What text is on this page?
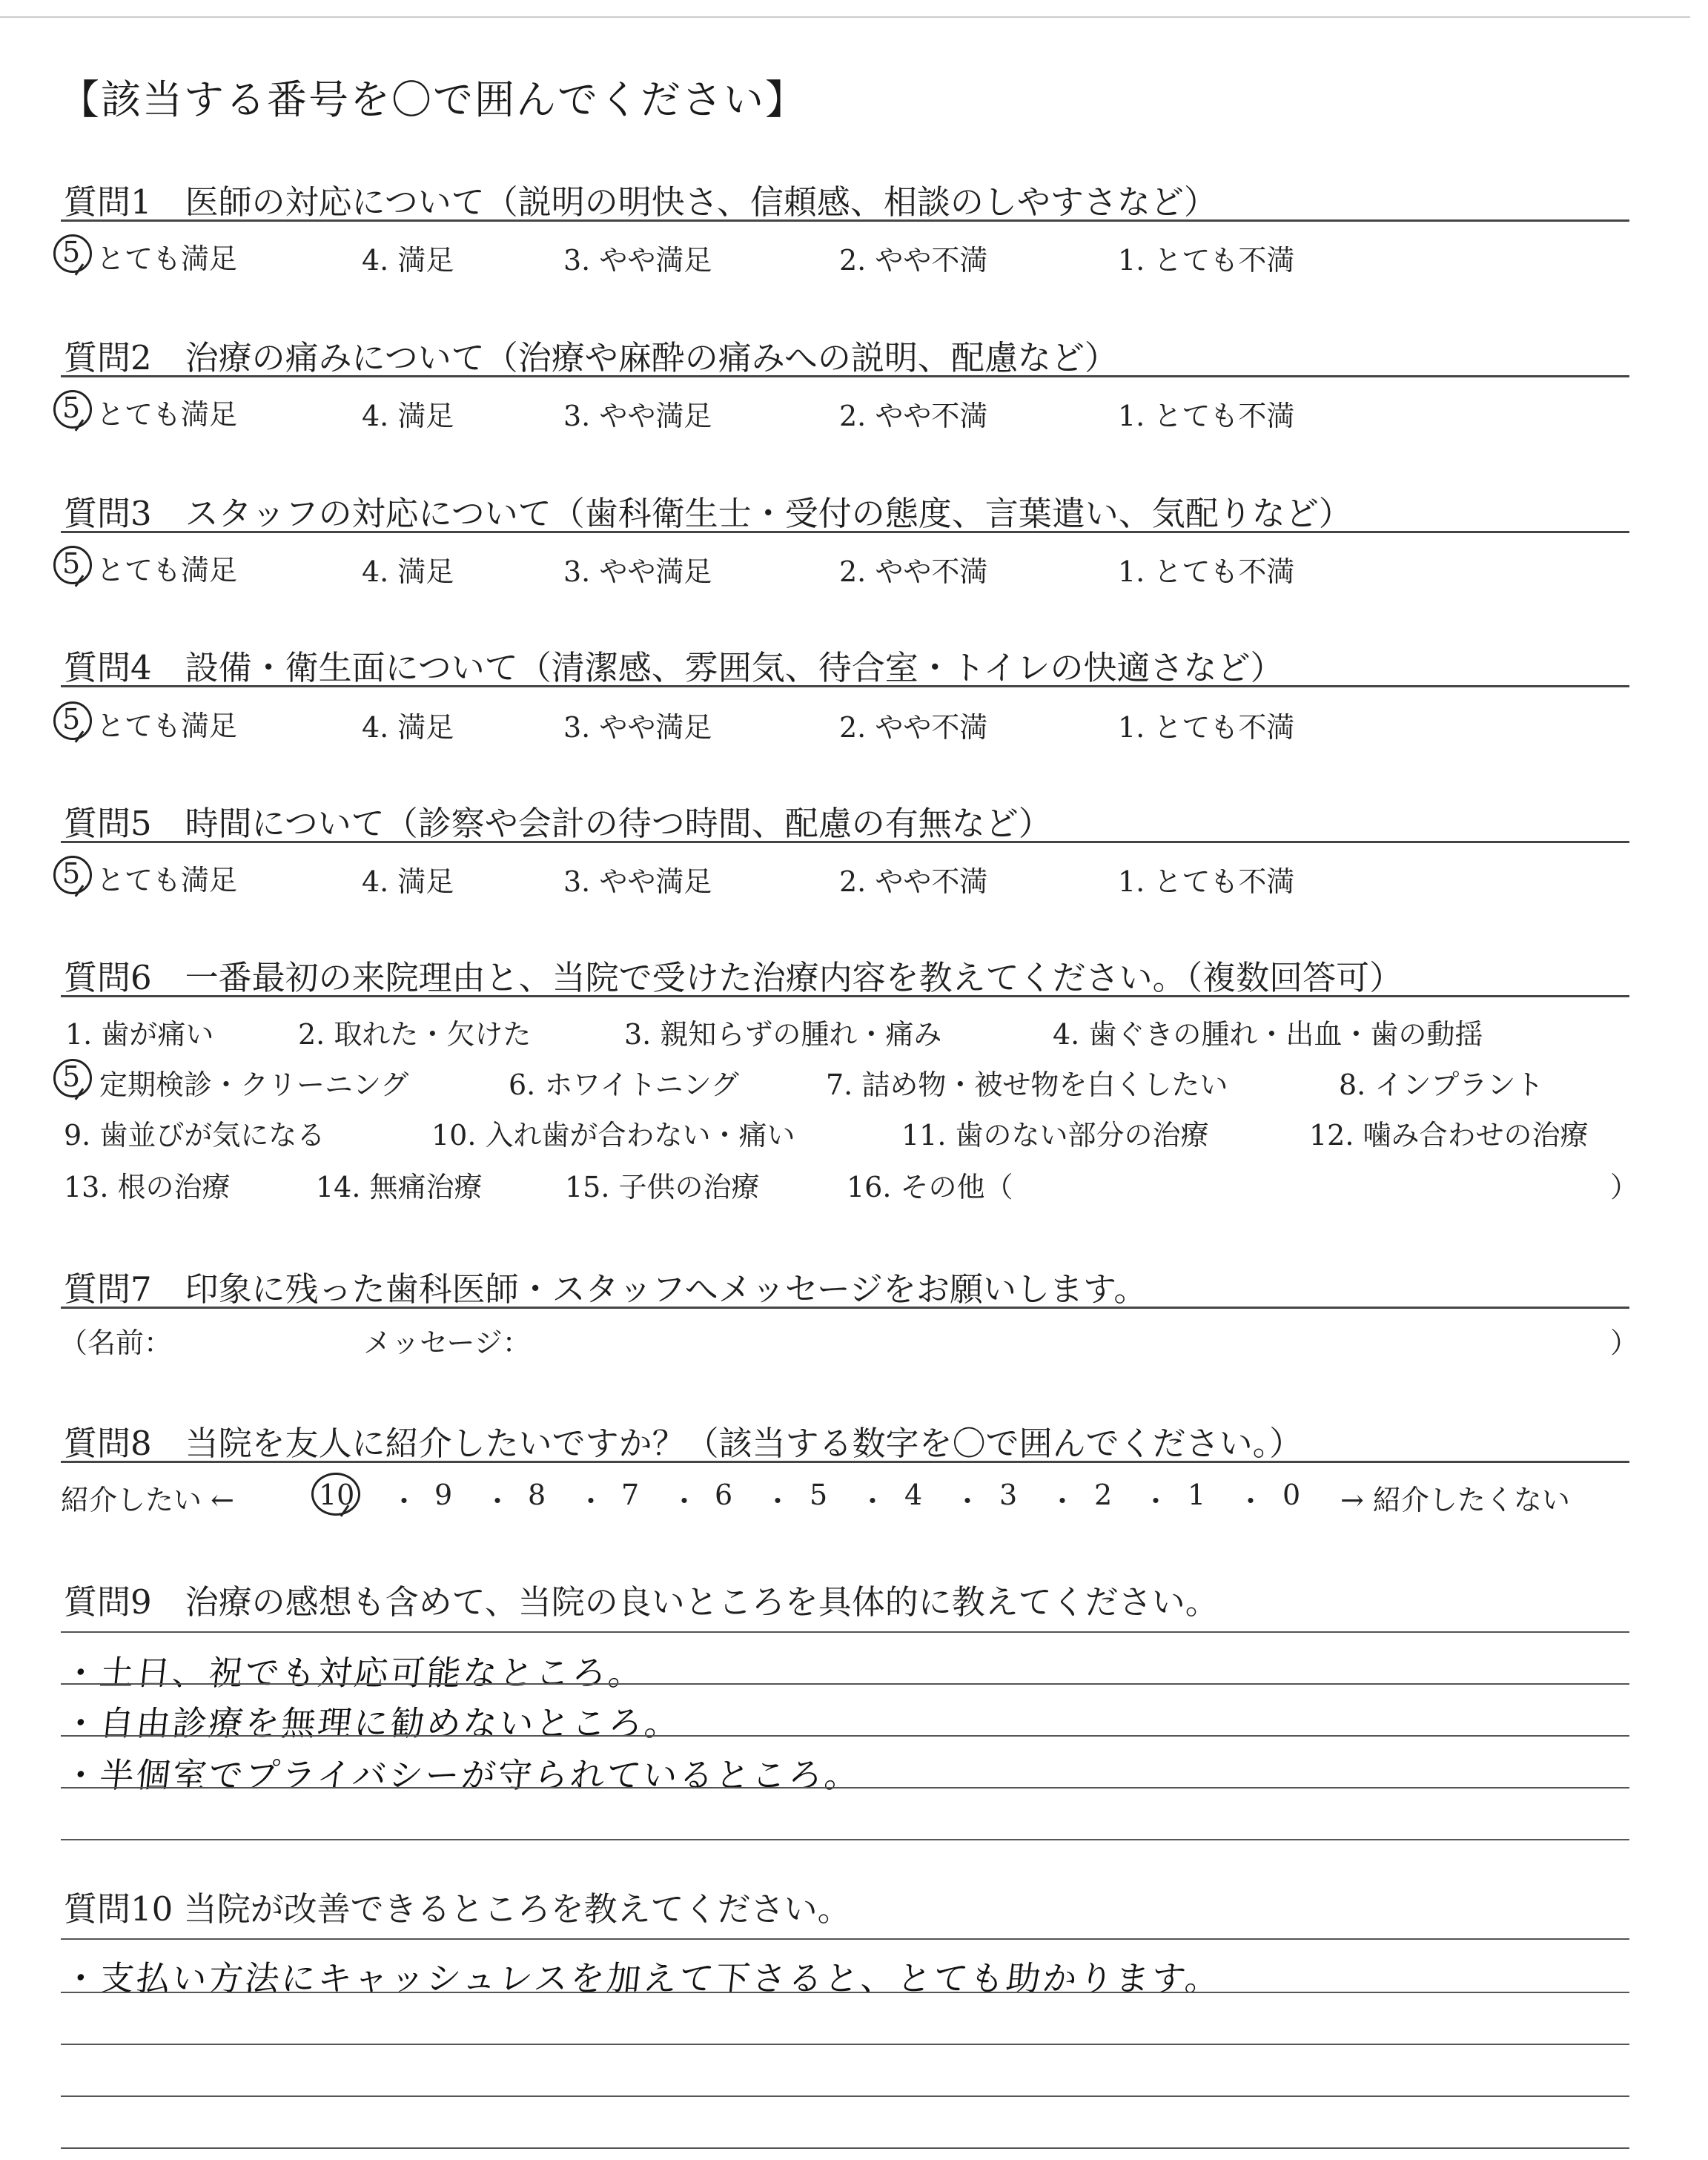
【該当する番号を〇で囲んでください】
質問1　医師の対応について（説明の明快さ、信頼感、相談のしやすさなど）
5 とても満足	4. 満足	3. やや満足	2. やや不満	1. とても不満
質問2　治療の痛みについて（治療や麻酔の痛みへの説明、配慮など）
5 とても満足	4. 満足	3. やや満足	2. やや不満	1. とても不満
質問3　スタッフの対応について（歯科衛生士・受付の態度、言葉遣い、気配りなど）
5 とても満足	4. 満足	3. やや満足	2. やや不満	1. とても不満
質問4　設備・衛生面について（清潔感、雰囲気、待合室・トイレの快適さなど）
5 とても満足	4. 満足	3. やや満足	2. やや不満	1. とても不満
質問5　時間について（診察や会計の待つ時間、配慮の有無など）
5 とても満足	4. 満足	3. やや満足	2. やや不満	1. とても不満
質問6　一番最初の来院理由と、当院で受けた治療内容を教えてください。（複数回答可）
1. 歯が痛い	2. 取れた・欠けた	3. 親知らずの腫れ・痛み	4. 歯ぐきの腫れ・出血・歯の動揺
5 定期検診・クリーニング	6. ホワイトニング	7. 詰め物・被せ物を白くしたい	8. インプラント
9. 歯並びが気になる	10. 入れ歯が合わない・痛い	11. 歯のない部分の治療	12. 噛み合わせの治療
13. 根の治療	14. 無痛治療	15. 子供の治療	16. その他（	）
質問7　印象に残った歯科医師・スタッフへメッセージをお願いします。
（名前：	メッセージ：	）
質問8　当院を友人に紹介したいですか？（該当する数字を〇で囲んでください。）
紹介したい ←	10 ・ 9 ・ 8 ・ 7 ・ 6 ・ 5 ・ 4 ・ 3 ・ 2 ・ 1 ・ 0 → 紹介したくない
質問9　治療の感想も含めて、当院の良いところを具体的に教えてください。
・土日、祝でも対応可能なところ。
・自由診療を無理に勧めないところ。
・半個室でプライバシーが守られているところ。
質問10 当院が改善できるところを教えてください。
・支払い方法にキャッシュレスを加えて下さると、とても助かります。
